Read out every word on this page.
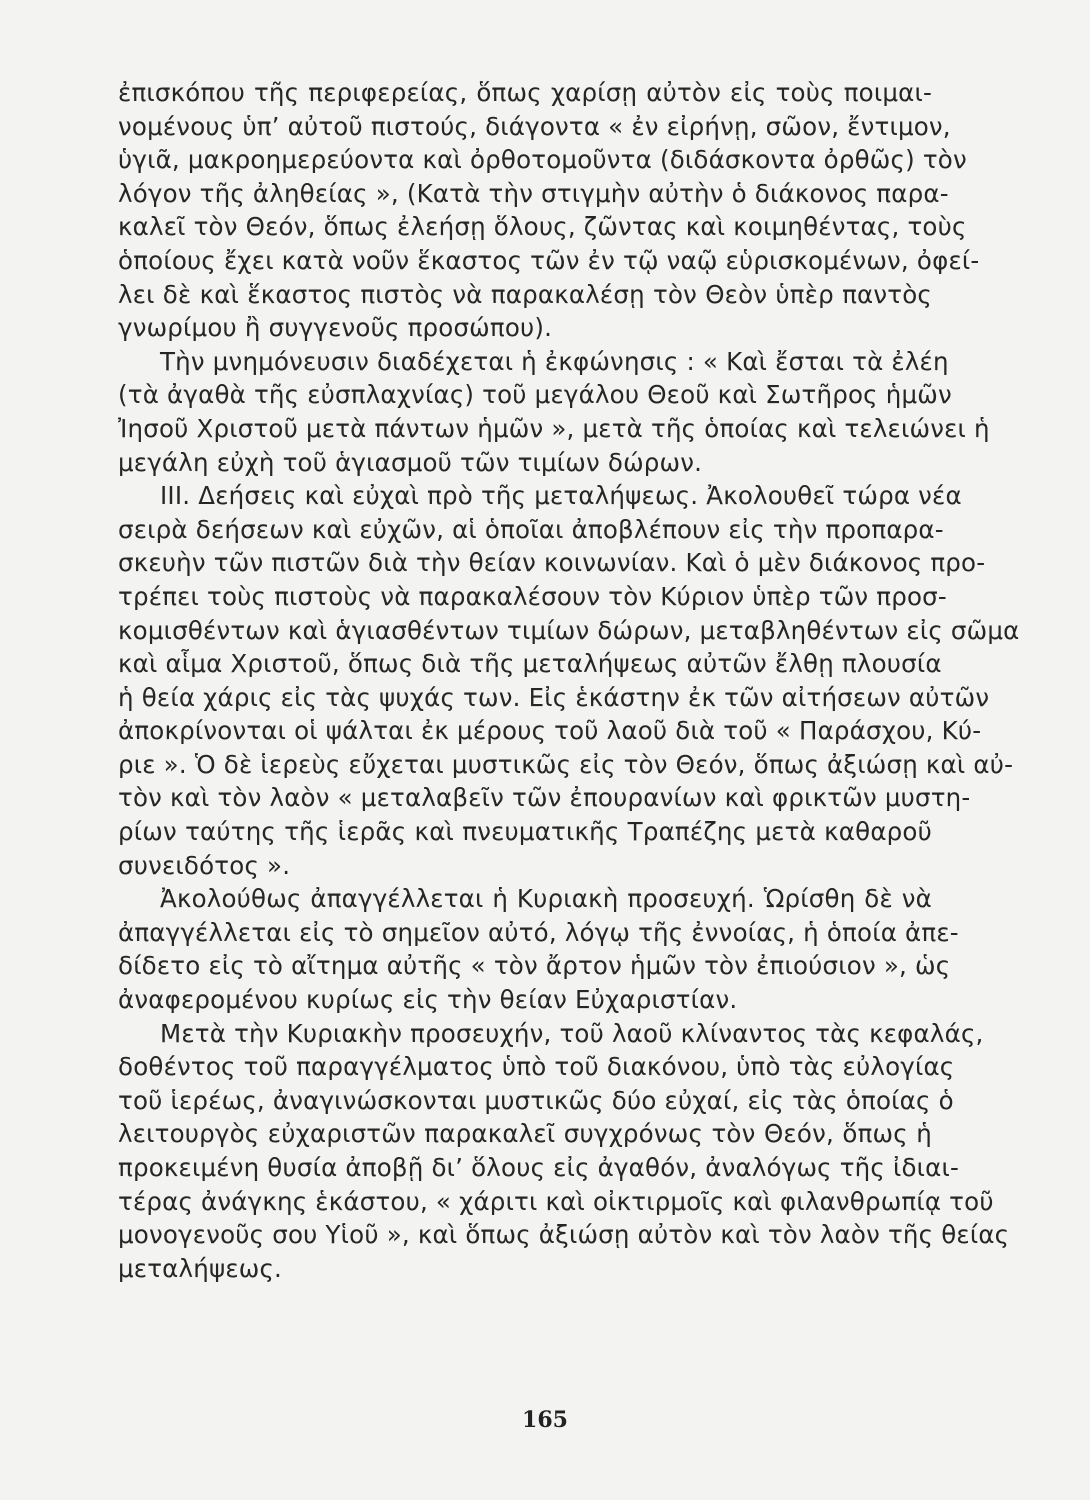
ἐπισκόπου τῆς περιφερείας, ὅπως χαρίσῃ αὐτὸν εἰς τοὺς ποιμαι-
νομένους ὑπ’ αὐτοῦ πιστούς, διάγοντα « ἐν εἰρήνῃ, σῶον, ἔντιμον,
ὑγιᾶ, μακροημερεύοντα καὶ ὀρθοτομοῦντα (διδάσκοντα ὀρθῶς) τὸν
λόγον τῆς ἀληθείας », (Κατὰ τὴν στιγμὴν αὐτὴν ὁ διάκονος παρα-
καλεῖ τὸν Θεόν, ὅπως ἐλεήσῃ ὅλους, ζῶντας καὶ κοιμηθέντας, τοὺς
ὁποίους ἔχει κατὰ νοῦν ἕκαστος τῶν ἐν τῷ ναῷ εὑρισκομένων, ὀφεί-
λει δὲ καὶ ἕκαστος πιστὸς νὰ παρακαλέσῃ τὸν Θεὸν ὑπὲρ παντὸς
γνωρίμου ἢ συγγενοῦς προσώπου).
Τὴν μνημόνευσιν διαδέχεται ἡ ἐκφώνησις : « Καὶ ἔσται τὰ ἐλέη
(τὰ ἀγαθὰ τῆς εὐσπλαχνίας) τοῦ μεγάλου Θεοῦ καὶ Σωτῆρος ἡμῶν
Ἰησοῦ Χριστοῦ μετὰ πάντων ἡμῶν », μετὰ τῆς ὁποίας καὶ τελειώνει ἡ
μεγάλη εὐχὴ τοῦ ἁγιασμοῦ τῶν τιμίων δώρων.
III. Δεήσεις καὶ εὐχαὶ πρὸ τῆς μεταλήψεως. Ἀκολουθεῖ τώρα νέα
σειρὰ δεήσεων καὶ εὐχῶν, αἱ ὁποῖαι ἀποβλέπουν εἰς τὴν προπαρα-
σκευὴν τῶν πιστῶν διὰ τὴν θείαν κοινωνίαν. Καὶ ὁ μὲν διάκονος προ-
τρέπει τοὺς πιστοὺς νὰ παρακαλέσουν τὸν Κύριον ὑπὲρ τῶν προσ-
κομισθέντων καὶ ἁγιασθέντων τιμίων δώρων, μεταβληθέντων εἰς σῶμα
καὶ αἷμα Χριστοῦ, ὅπως διὰ τῆς μεταλήψεως αὐτῶν ἔλθῃ πλουσία
ἡ θεία χάρις εἰς τὰς ψυχάς των. Εἰς ἑκάστην ἐκ τῶν αἰτήσεων αὐτῶν
ἀποκρίνονται οἱ ψάλται ἐκ μέρους τοῦ λαοῦ διὰ τοῦ « Παράσχου, Κύ-
ριε ». Ὁ δὲ ἱερεὺς εὔχεται μυστικῶς εἰς τὸν Θεόν, ὅπως ἀξιώσῃ καὶ αὐ-
τὸν καὶ τὸν λαὸν « μεταλαβεῖν τῶν ἐπουρανίων καὶ φρικτῶν μυστη-
ρίων ταύτης τῆς ἱερᾶς καὶ πνευματικῆς Τραπέζης μετὰ καθαροῦ
συνειδότος ».
Ἀκολούθως ἀπαγγέλλεται ἡ Κυριακὴ προσευχή. Ὡρίσθη δὲ νὰ
ἀπαγγέλλεται εἰς τὸ σημεῖον αὐτό, λόγῳ τῆς ἐννοίας, ἡ ὁποία ἀπε-
δίδετο εἰς τὸ αἴτημα αὐτῆς « τὸν ἄρτον ἡμῶν τὸν ἐπιούσιον », ὡς
ἀναφερομένου κυρίως εἰς τὴν θείαν Εὐχαριστίαν.
Μετὰ τὴν Κυριακὴν προσευχήν, τοῦ λαοῦ κλίναντος τὰς κεφαλάς,
δοθέντος τοῦ παραγγέλματος ὑπὸ τοῦ διακόνου, ὑπὸ τὰς εὐλογίας
τοῦ ἱερέως, ἀναγινώσκονται μυστικῶς δύο εὐχαί, εἰς τὰς ὁποίας ὁ
λειτουργὸς εὐχαριστῶν παρακαλεῖ συγχρόνως τὸν Θεόν, ὅπως ἡ
προκειμένη θυσία ἀποβῇ δι’ ὅλους εἰς ἀγαθόν, ἀναλόγως τῆς ἰδιαι-
τέρας ἀνάγκης ἑκάστου, « χάριτι καὶ οἰκτιρμοῖς καὶ φιλανθρωπίᾳ τοῦ
μονογενοῦς σου Υἱοῦ », καὶ ὅπως ἀξιώσῃ αὐτὸν καὶ τὸν λαὸν τῆς θείας
μεταλήψεως.
165
